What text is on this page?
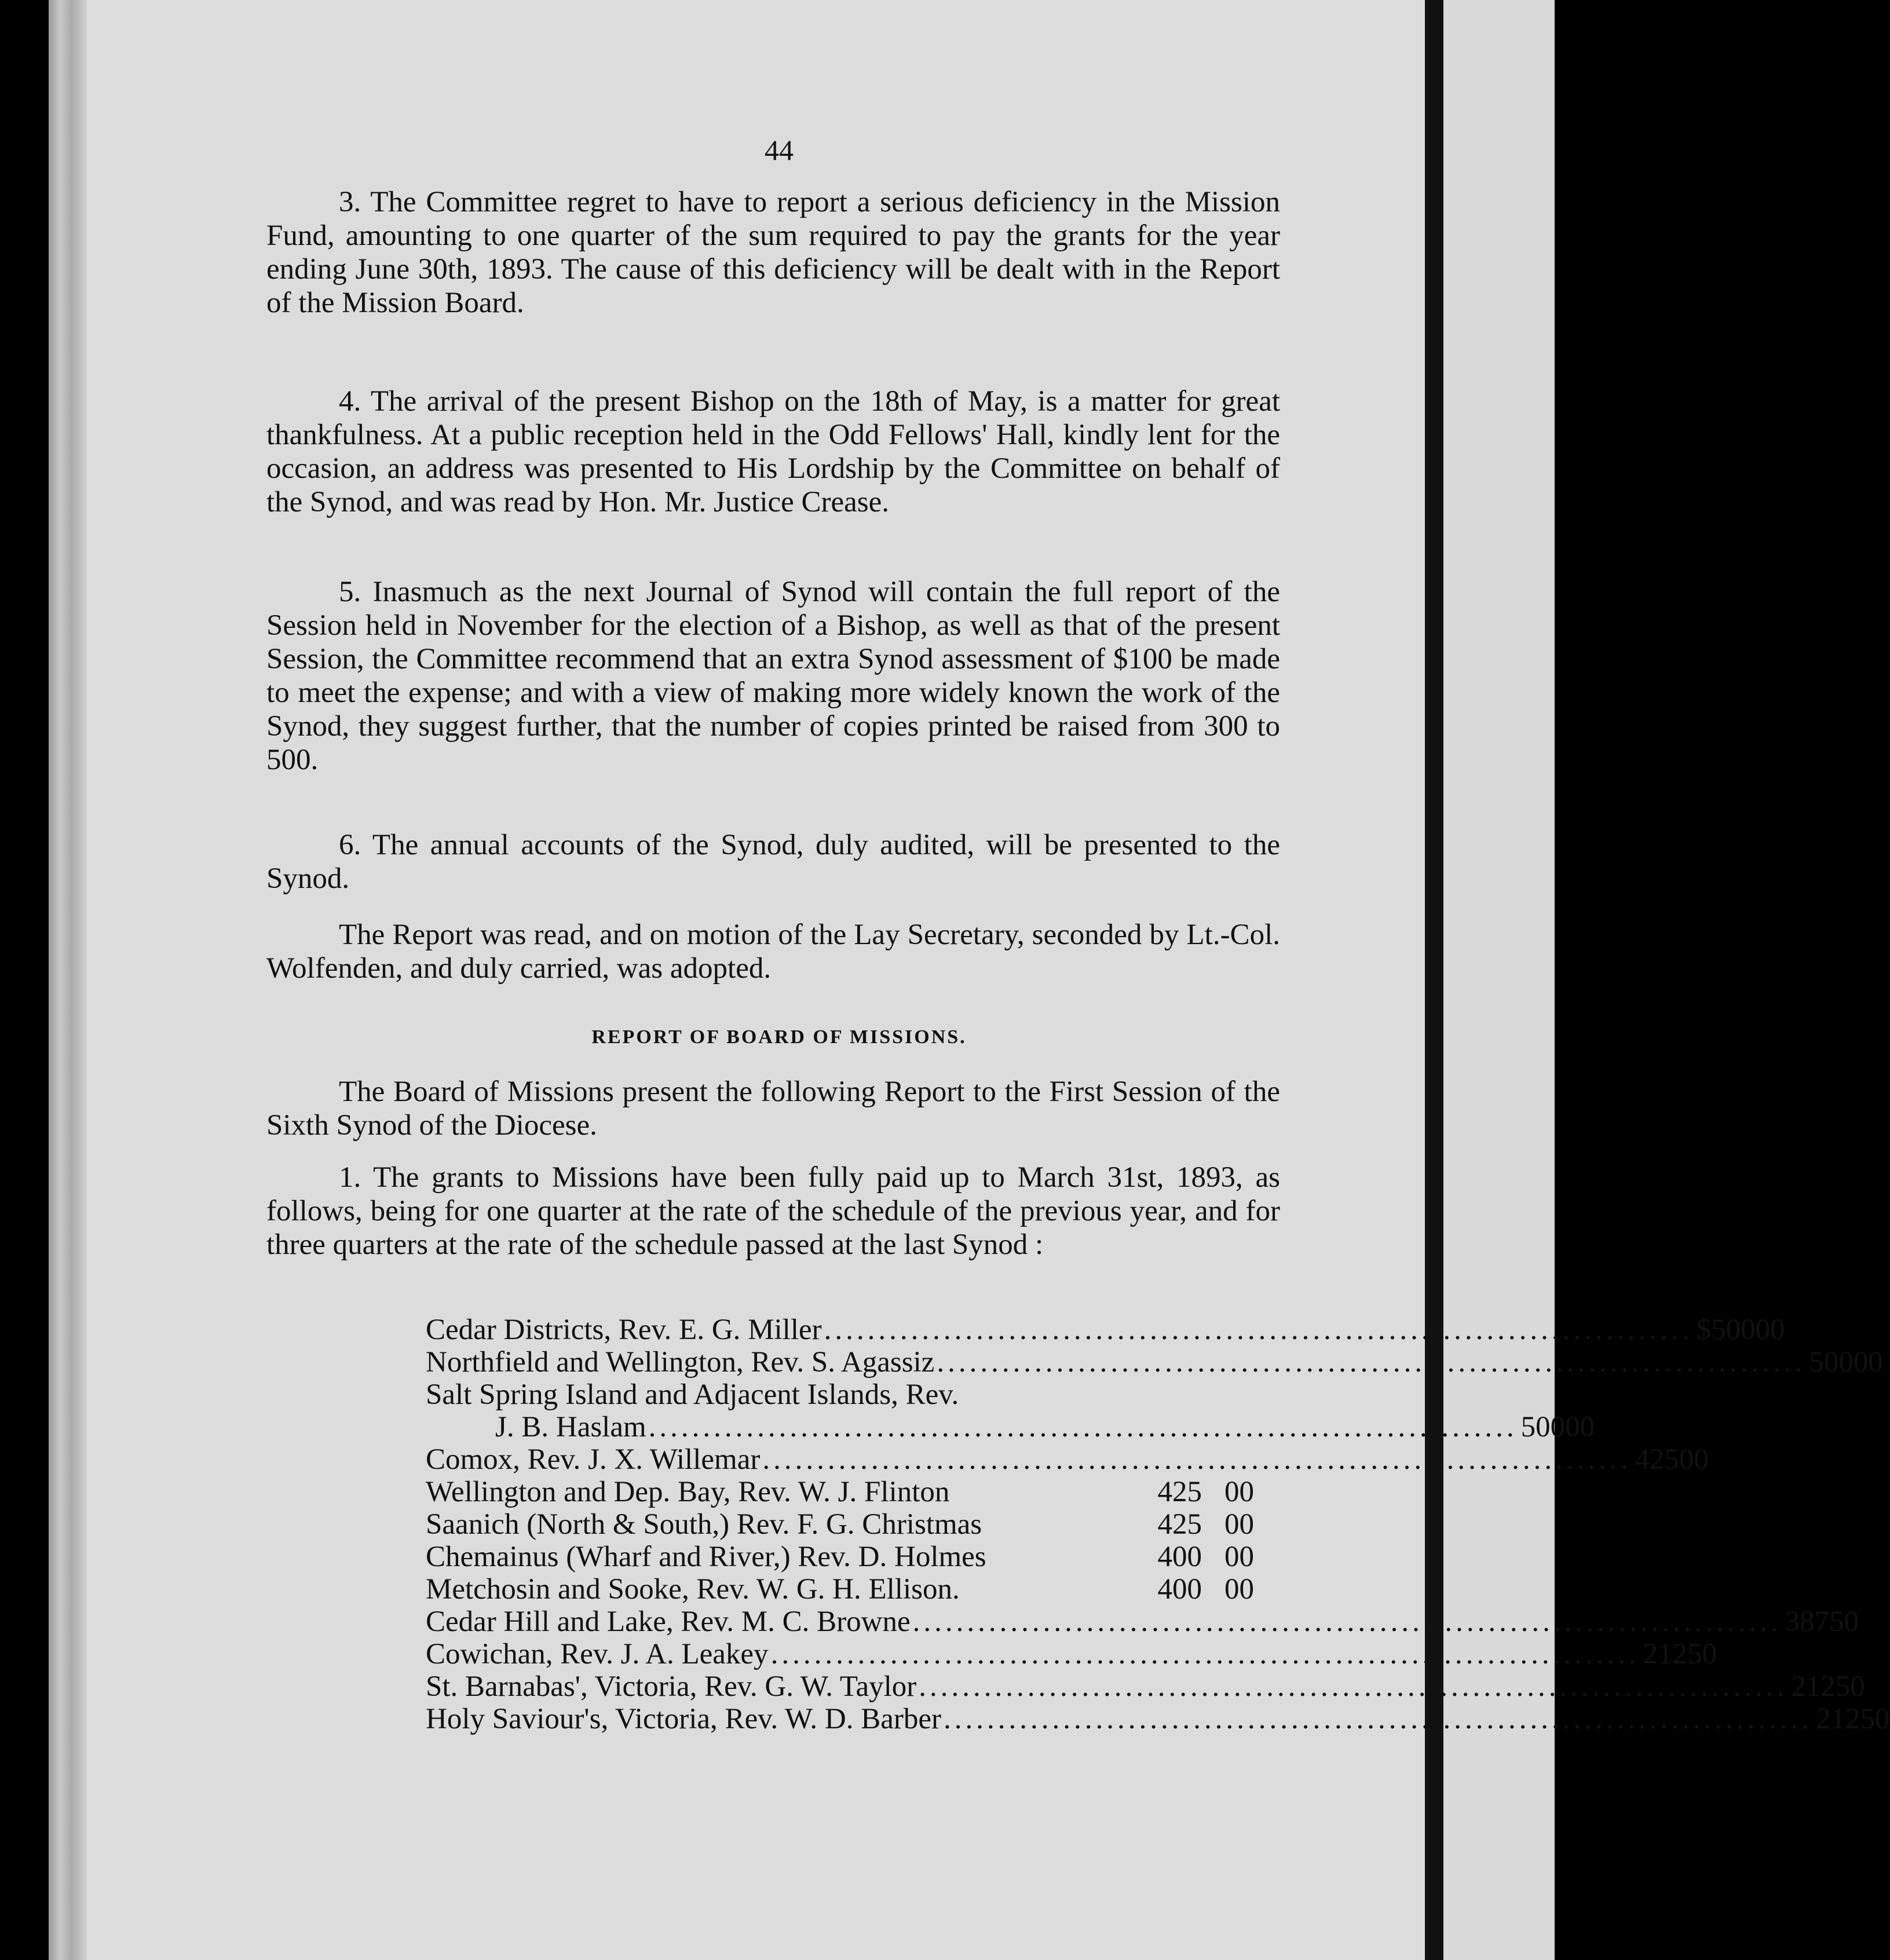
44

3. The Committee regret to have to report a serious deficiency in the Mission Fund, amounting to one quarter of the sum required to pay the grants for the year ending June 30th, 1893. The cause of this deficiency will be dealt with in the Report of the Mission Board.

4. The arrival of the present Bishop on the 18th of May, is a matter for great thankfulness. At a public reception held in the Odd Fellows' Hall, kindly lent for the occasion, an address was presented to His Lordship by the Committee on behalf of the Synod, and was read by Hon. Mr. Justice Crease.

5. Inasmuch as the next Journal of Synod will contain the full report of the Session held in November for the election of a Bishop, as well as that of the present Session, the Committee recommend that an extra Synod assessment of $100 be made to meet the expense; and with a view of making more widely known the work of the Synod, they suggest further, that the number of copies printed be raised from 300 to 500.

6. The annual accounts of the Synod, duly audited, will be presented to the Synod.

The Report was read, and on motion of the Lay Secretary, seconded by Lt.-Col. Wolfenden, and duly carried, was adopted.

REPORT OF BOARD OF MISSIONS.

The Board of Missions present the following Report to the First Session of the Sixth Synod of the Diocese.

1. The grants to Missions have been fully paid up to March 31st, 1893, as follows, being for one quarter at the rate of the schedule of the previous year, and for three quarters at the rate of the schedule passed at the last Synod :

Cedar Districts, Rev. E. G. Miller ................................................................................ $500 00
Northfield and Wellington, Rev. S. Agassiz ................................................................................ 500 00
Salt Spring Island and Adjacent Islands, Rev.
J. B. Haslam ................................................................................ 500 00
Comox, Rev. J. X. Willemar ................................................................................ 425 00
Wellington and Dep. Bay, Rev. W. J. Flinton	425 00
Saanich (North & South,) Rev. F. G. Christmas	425 00
Chemainus (Wharf and River,) Rev. D. Holmes	400 00
Metchosin and Sooke, Rev. W. G. H. Ellison.	400 00
Cedar Hill and Lake, Rev. M. C. Browne ................................................................................ 387 50
Cowichan, Rev. J. A. Leakey ................................................................................ 212 50
St. Barnabas', Victoria, Rev. G. W. Taylor ................................................................................ 212 50
Holy Saviour's, Victoria, Rev. W. D. Barber ................................................................................ 212 50
